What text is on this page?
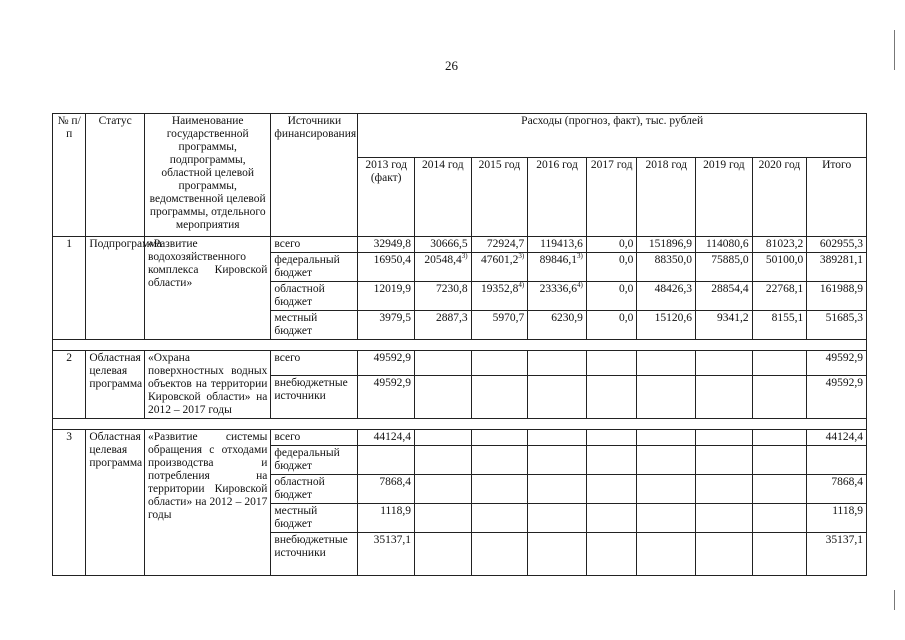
26
№ п/п	Статус	Наименование государственной программы, подпрограммы, областной целевой программы, ведомственной целевой программы, отдельного мероприятия	Источники финансирования	Расходы (прогноз, факт), тыс. рублей								
				2013 год (факт)	2014 год	2015 год	2016 год	2017 год	2018 год	2019 год	2020 год	Итого
1	Подпрограмма	«Развитие водохозяйственного комплекса Кировской области»	всего	32949,8	30666,5	72924,7	119413,6	0,0	151896,9	114080,6	81023,2	602955,3
			федеральный бюджет	16950,4	20548,4$^{3)}$	47601,2$^{3)}$	89846,1$^{3)}$	0,0	88350,0	75885,0	50100,0	389281,1
			областной бюджет	12019,9	7230,8	19352,8$^{4)}$	23336,6$^{4)}$	0,0	48426,3	28854,4	22768,1	161988,9
			местный бюджет	3979,5	2887,3	5970,7	6230,9	0,0	15120,6	9341,2	8155,1	51685,3

2	Областная целевая программа	«Охрана поверхностных водных объектов на территории Кировской области» на 2012 – 2017 годы	всего	49592,9								49592,9
			внебюджетные источники	49592,9								49592,9

3	Областная целевая программа	«Развитие системы обращения с отходами производства и потребления на территории Кировской области» на 2012 – 2017 годы	всего	44124,4								44124,4
			федеральный бюджет									
			областной бюджет	7868,4								7868,4
			местный бюджет	1118,9								1118,9
			внебюджетные источники	35137,1								35137,1
